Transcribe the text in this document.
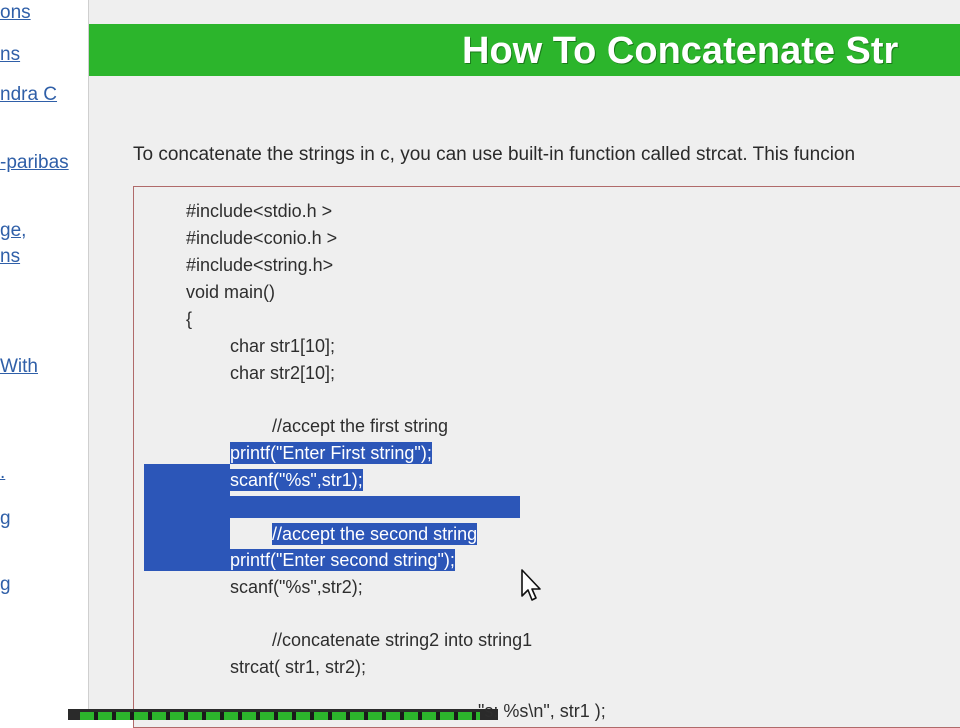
ons
ns
ndra C
-paribas
ge,
ns
With
.
g
g
How To Concatenate Str
To concatenate the strings in c, you can use built-in function called strcat. This funcion
#include<stdio.h >
#include<conio.h >
#include<string.h>
void main()
{
char str1[10];
char str2[10];
//accept the first string
printf("Enter First string");
scanf("%s",str1);
//accept the second string
printf("Enter second string");
scanf("%s",str2);
//concatenate string2 into string1
strcat( str1, str2);
"s: %s\n", str1 );
